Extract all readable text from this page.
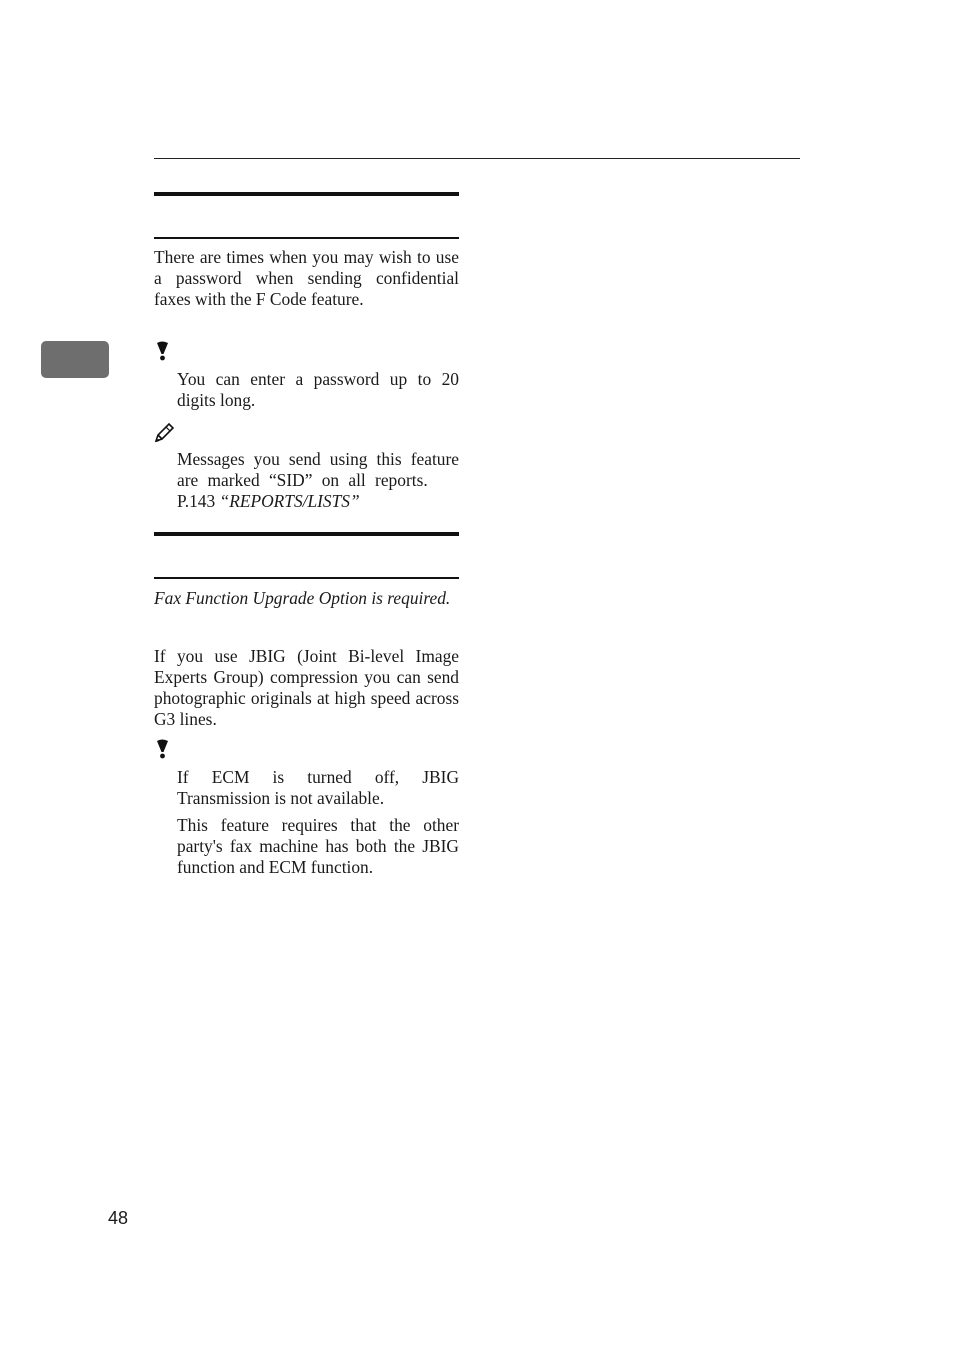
There are times when you may wish to use a password when sending confidential faxes with the F Code feature.

You can enter a password up to 20 digits long.

Messages you send using this feature are marked “SID” on all reports. P.143 “REPORTS/LISTS”

Fax Function Upgrade Option is required.

If you use JBIG (Joint Bi-level Image Experts Group) compression you can send photographic originals at high speed across G3 lines.

If ECM is turned off, JBIG Transmission is not available.

This feature requires that the other party's fax machine has both the JBIG function and ECM function.

48
